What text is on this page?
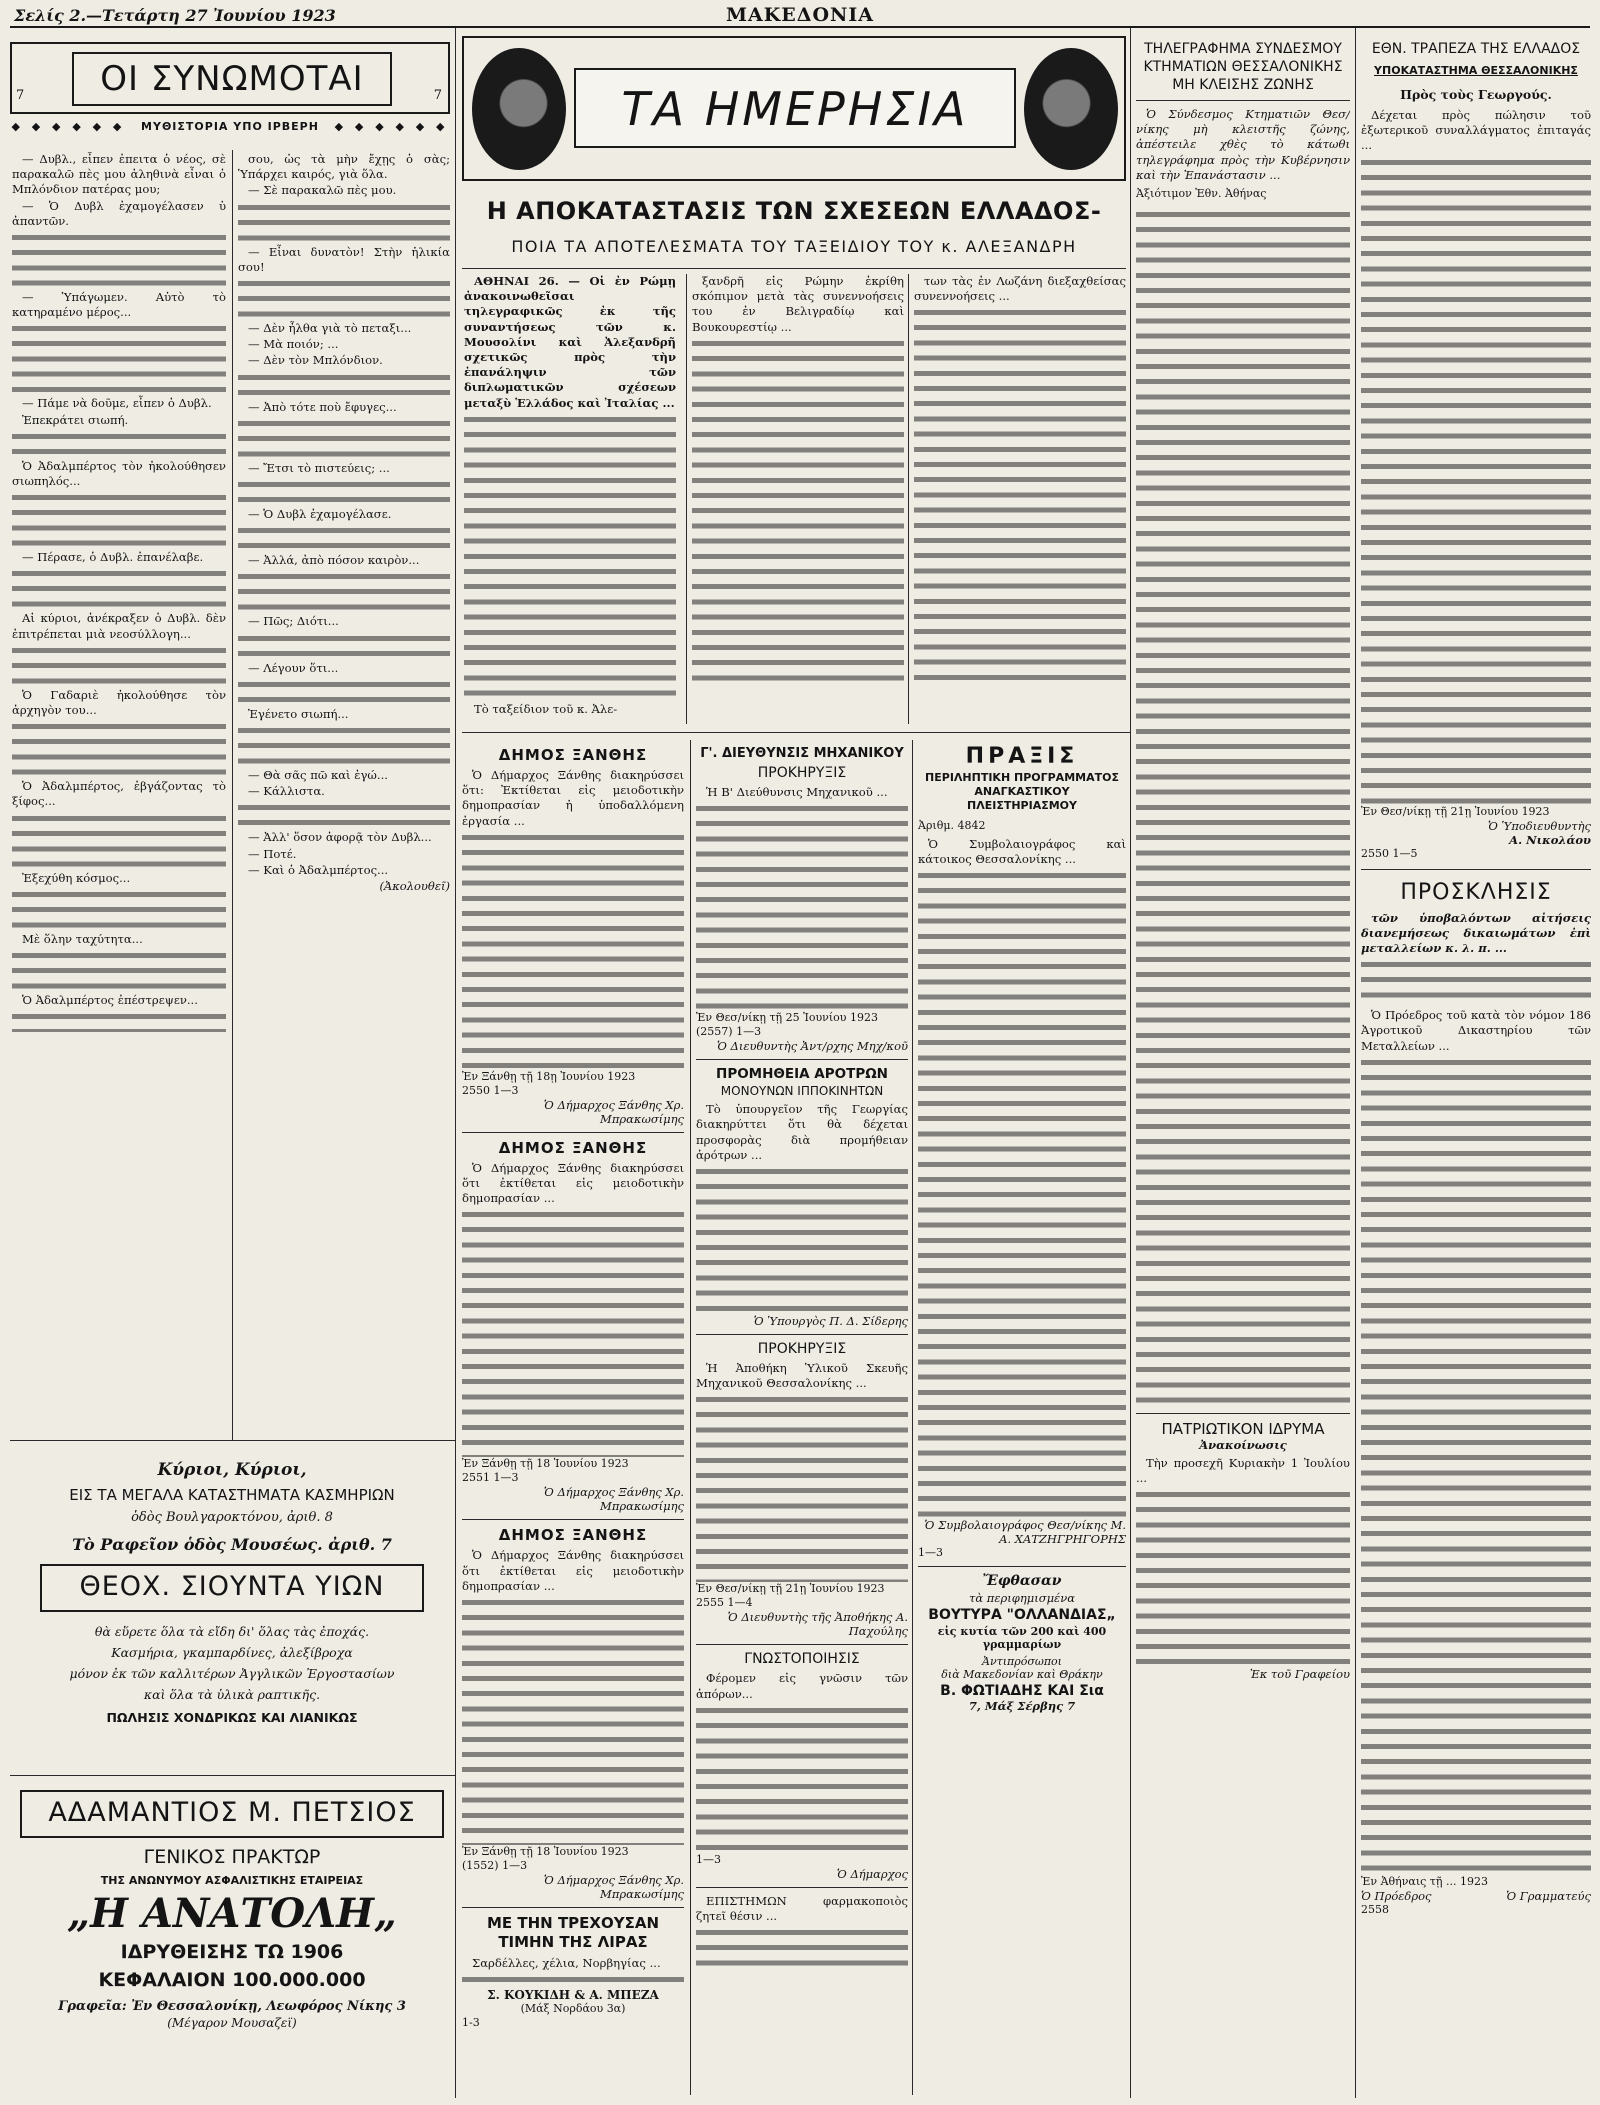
Σελίς 2.—Τετάρτη 27 Ἰουνίου 1923	ΜΑΚΕΔΟΝΙΑ
7	7
ΟΙ ΣΥΝΩΜΟΤΑΙ
◆ ◆ ◆ ◆ ◆ ◆  ΜΥΘΙΣΤΟΡΙΑ ΥΠΟ ΙΡΒΕΡΗ  ◆ ◆ ◆ ◆ ◆ ◆

— Δυβλ., εἶπεν ἐπειτα ὁ νέος, σὲ παρακαλῶ πὲς μου ἀληθινὰ εἶναι ὁ Μπλόνδιον πατέρας μου;

— Ὁ Δυβλ ἐχαμογέλασεν ὑ ἀπαντῶν.

— Ὑπάγωμεν. Αὐτὸ τὸ κατηραμένο μέρος...

— Πάμε νὰ δοῦμε, εἶπεν ὁ Δυβλ.

Ἐπεκράτει σιωπή.

Ὁ Ἀδαλμπέρτος τὸν ἠκολούθησεν σιωπηλός...

— Πέρασε, ὁ Δυβλ. ἐπανέλαβε.

Αἱ κύριοι, ἀνέκραξεν ὁ Δυβλ. δὲν ἐπιτρέπεται μιὰ νεοσύλλογη...

Ὁ Γαδαριὲ ἠκολούθησε τὸν ἀρχηγὸν του...

Ὁ Ἀδαλμπέρτος, ἐβγάζοντας τὸ ξίφος...

Ἐξεχύθη κόσμος...

Μὲ ὅλην ταχύτητα...

Ὁ Ἀδαλμπέρτος ἐπέστρεψεν...

σου, ὡς τὰ μὴν ἔχῃς ὁ σὰς; Ὑπάρχει καιρός, γιὰ ὅλα.

— Σὲ παρακαλῶ πὲς μου.

— Εἶναι δυνατὸν! Στὴν ἡλικία σου!

— Δὲν ἦλθα γιὰ τὸ πεταξι...

— Μὰ ποιόν; ...

— Δὲν τὸν Μπλόνδιον.

— Ἀπὸ τότε ποὺ ἔφυγες...

— Ἔτσι τὸ πιστεύεις; ...

— Ὁ Δυβλ ἐχαμογέλασε.

— Ἀλλά, ἀπὸ πόσον καιρὸν...

— Πῶς; Διότι...

— Λέγουν ὅτι...

Ἐγένετο σιωπή...

— Θὰ σᾶς πῶ καὶ ἐγώ...

— Κάλλιστα.

— Ἀλλ' ὅσον ἀφορᾷ τὸν Δυβλ...

— Ποτέ.

— Καὶ ὁ Ἀδαλμπέρτος...

(Ἀκολουθεῖ)

Κύριοι, Κύριοι,
ΕΙΣ ΤΑ ΜΕΓΑΛΑ ΚΑΤΑΣΤΗΜΑΤΑ ΚΑΣΜΗΡΙΩΝ
ὁδὸς Βουλγαροκτόνου, ἀριθ. 8
Τὸ Ραφεῖον ὁδὸς Μουσέως. ἀριθ. 7
ΘΕΟΧ. ΣΙΟΥΝΤΑ ΥΙΩΝ
θὰ εὕρετε ὅλα τὰ εἴδη δι' ὅλας τὰς ἐποχάς.
Κασμήρια, γκαμπαρδίνες, ἀλεξίβροχα
μόνον ἐκ τῶν καλλιτέρων Ἀγγλικῶν Ἐργοστασίων
καὶ ὅλα τὰ ὑλικὰ ραπτικῆς.
ΠΩΛΗΣΙΣ ΧΟΝΔΡΙΚΩΣ ΚΑΙ ΛΙΑΝΙΚΩΣ
ΑΔΑΜΑΝΤΙΟΣ Μ. ΠΕΤΣΙΟΣ
ΓΕΝΙΚΟΣ ΠΡΑΚΤΩΡ
ΤΗΣ ΑΝΩΝΥΜΟΥ ΑΣΦΑΛΙΣΤΙΚΗΣ ΕΤΑΙΡΕΙΑΣ
„Η ΑΝΑΤΟΛΗ„
ΙΔΡΥΘΕΙΣΗΣ ΤΩ 1906
ΚΕΦΑΛΑΙΟΝ 100.000.000
Γραφεῖα: Ἐν Θεσσαλονίκῃ, Λεωφόρος Νίκης 3
(Μέγαρον Μουσαζεϊ)
ΤΑ ΗΜΕΡΗΣΙΑ
Η ΑΠΟΚΑΤΑΣΤΑΣΙΣ ΤΩΝ ΣΧΕΣΕΩΝ ΕΛΛΑΔΟΣ-
ΠΟΙΑ ΤΑ ΑΠΟΤΕΛΕΣΜΑΤΑ ΤΟΥ ΤΑΞΕΙΔΙΟΥ ΤΟΥ κ. ΑΛΕΞΑΝΔΡΗ

ΑΘΗΝΑΙ 26. — Οἱ ἐν Ρώμῃ ἀνακοινωθεῖσαι τηλεγραφικῶς ἐκ τῆς συναντήσεως τῶν κ. Μουσολίνι καὶ Ἀλεξανδρῆ σχετικῶς πρὸς τὴν ἐπανάληψιν τῶν διπλωματικῶν σχέσεων μεταξὺ Ἑλλάδος καὶ Ἰταλίας ...

Τὸ ταξείδιον τοῦ κ. Ἀλε-

ξανδρῆ εἰς Ρώμην ἐκρίθη σκόπιμον μετὰ τὰς συνεννοήσεις του ἐν Βελιγραδίῳ καὶ Βουκουρεστίῳ ...

των τὰς ἐν Λωζάνη διεξαχθείσας συνεννοήσεις ...

ΔΗΜΟΣ ΞΑΝΘΗΣ

Ὁ Δήμαρχος Ξάνθης διακηρύσσει ὅτι: Ἐκτίθεται εἰς μειοδοτικὴν δημοπρασίαν ἡ ὑποδαλλόμενη ἐργασία ...

Ἐν Ξάνθῃ τῇ 18ῃ Ἰουνίου 1923
2550 1—3
Ὁ Δήμαρχος Ξάνθης Χρ. Μπρακωσίμης
ΔΗΜΟΣ ΞΑΝΘΗΣ

Ὁ Δήμαρχος Ξάνθης διακηρύσσει ὅτι ἐκτίθεται εἰς μειοδοτικὴν δημοπρασίαν ...

Ἐν Ξάνθῃ τῇ 18 Ἰουνίου 1923
2551 1—3
Ὁ Δήμαρχος Ξάνθης Χρ. Μπρακωσίμης
ΔΗΜΟΣ ΞΑΝΘΗΣ

Ὁ Δήμαρχος Ξάνθης διακηρύσσει ὅτι ἐκτίθεται εἰς μειοδοτικὴν δημοπρασίαν ...

Ἐν Ξάνθῃ τῇ 18 Ἰουνίου 1923
(1552) 1—3
Ὁ Δήμαρχος Ξάνθης Χρ. Μπρακωσίμης
ΜΕ ΤΗΝ ΤΡΕΧΟΥΣΑΝ ΤΙΜΗΝ ΤΗΣ ΛΙΡΑΣ

Σαρδέλλες, χέλια, Νορβηγίας ...

Σ. ΚΟΥΚΙΔΗ & Α. ΜΠΕΖΑ
(Μάξ Νορδάου 3α)
1-3
Γ'. ΔΙΕΥΘΥΝΣΙΣ ΜΗΧΑΝΙΚΟΥ
ΠΡΟΚΗΡΥΞΙΣ

Ἡ Β' Διεύθυνσις Μηχανικοῦ ...

Ἐν Θεσ/νίκῃ τῇ 25 Ἰουνίου 1923
(2557) 1—3
Ὁ Διευθυντὴς Ἀντ/ρχης Μηχ/κοῦ
ΠΡΟΜΗΘΕΙΑ ΑΡΟΤΡΩΝ
ΜΟΝΟΥΝΩΝ ΙΠΠΟΚΙΝΗΤΩΝ

Τὸ ὑπουργεῖον τῆς Γεωργίας διακηρύττει ὅτι θὰ δέχεται προσφορὰς διὰ προμήθειαν ἀρότρων ...

Ὁ Ὑπουργὸς Π. Δ. Σίδερης
ΠΡΟΚΗΡΥΞΙΣ

Ἡ Ἀποθήκη Ὑλικοῦ Σκευῆς Μηχανικοῦ Θεσσαλονίκης ...

Ἐν Θεσ/νίκῃ τῇ 21ῃ Ἰουνίου 1923
2555 1—4
Ὁ Διευθυντὴς τῆς Ἀποθήκης Α. Παχούλης
ΓΝΩΣΤΟΠΟΙΗΣΙΣ

Φέρομεν εἰς γνῶσιν τῶν ἀπόρων...

1—3
Ὁ Δήμαρχος

ΕΠΙΣΤΗΜΩΝ φαρμακοποιὸς ζητεῖ θέσιν ...

ΠΡΑΞΙΣ
ΠΕΡΙΛΗΠΤΙΚΗ ΠΡΟΓΡΑΜΜΑΤΟΣ ΑΝΑΓΚΑΣΤΙΚΟΥ ΠΛΕΙΣΤΗΡΙΑΣΜΟΥ
Ἀριθμ. 4842

Ὁ Συμβολαιογράφος καὶ κάτοικος Θεσσαλονίκης ...

Ὁ Συμβολαιογράφος Θεσ/νίκης Μ. Α. ΧΑΤΖΗΓΡΗΓΟΡΗΣ
1—3
Ἔφθασαν
τὰ περιφημισμένα
ΒΟΥΤΥΡΑ "ΟΛΛΑΝΔΙΑΣ„
εἰς κυτία τῶν 200 καὶ 400 γραμμαρίων
Ἀντιπρόσωποι
διὰ Μακεδονίαν καὶ Θράκην
Β. ΦΩΤΙΑΔΗΣ ΚΑΙ Σια
7, Μάξ Σέρβης 7
ΤΗΛΕΓΡΑΦΗΜΑ ΣΥΝΔΕΣΜΟΥ
ΚΤΗΜΑΤΙΩΝ ΘΕΣΣΑΛΟΝΙΚΗΣ
ΜΗ ΚΛΕΙΣΗΣ ΖΩΝΗΣ

Ὁ Σύνδεσμος Κτηματιῶν Θεσ/νίκης μὴ κλειστῆς ζώνης, ἀπέστειλε χθὲς τὸ κάτωθι τηλεγράφημα πρὸς τὴν Κυβέρνησιν καὶ τὴν Ἐπανάστασιν ...

Ἀξιότιμον Ἐθν. Ἀθήνας
ΠΑΤΡΙΩΤΙΚΟΝ ΙΔΡΥΜΑ
Ἀνακοίνωσις

Τὴν προσεχῆ Κυριακὴν 1 Ἰουλίου ...

Ἐκ τοῦ Γραφείου
ΕΘΝ. ΤΡΑΠΕΖΑ ΤΗΣ ΕΛΛΑΔΟΣ
ΥΠΟΚΑΤΑΣΤΗΜΑ ΘΕΣΣΑΛΟΝΙΚΗΣ
Πρὸς τοὺς Γεωργούς.

Δέχεται πρὸς πώλησιν τοῦ ἐξωτερικοῦ συναλλάγματος ἐπιταγάς ...

Ἐν Θεσ/νίκῃ τῇ 21ῃ Ἰουνίου 1923
Ὁ Ὑποδιευθυντὴς
Α. Νικολάου
2550 1—5
ΠΡΟΣΚΛΗΣΙΣ

τῶν ὑποβαλόντων αἰτήσεις διανεμήσεως δικαιωμάτων ἐπὶ μεταλλείων κ. λ. π. ...

Ὁ Πρόεδρος τοῦ κατὰ τὸν νόμον 186 Ἀγροτικοῦ Δικαστηρίου τῶν Μεταλλείων ...

Ἐν Ἀθήναις τῇ ... 1923
Ὁ Πρόεδρος	Ὁ Γραμματεύς
2558
